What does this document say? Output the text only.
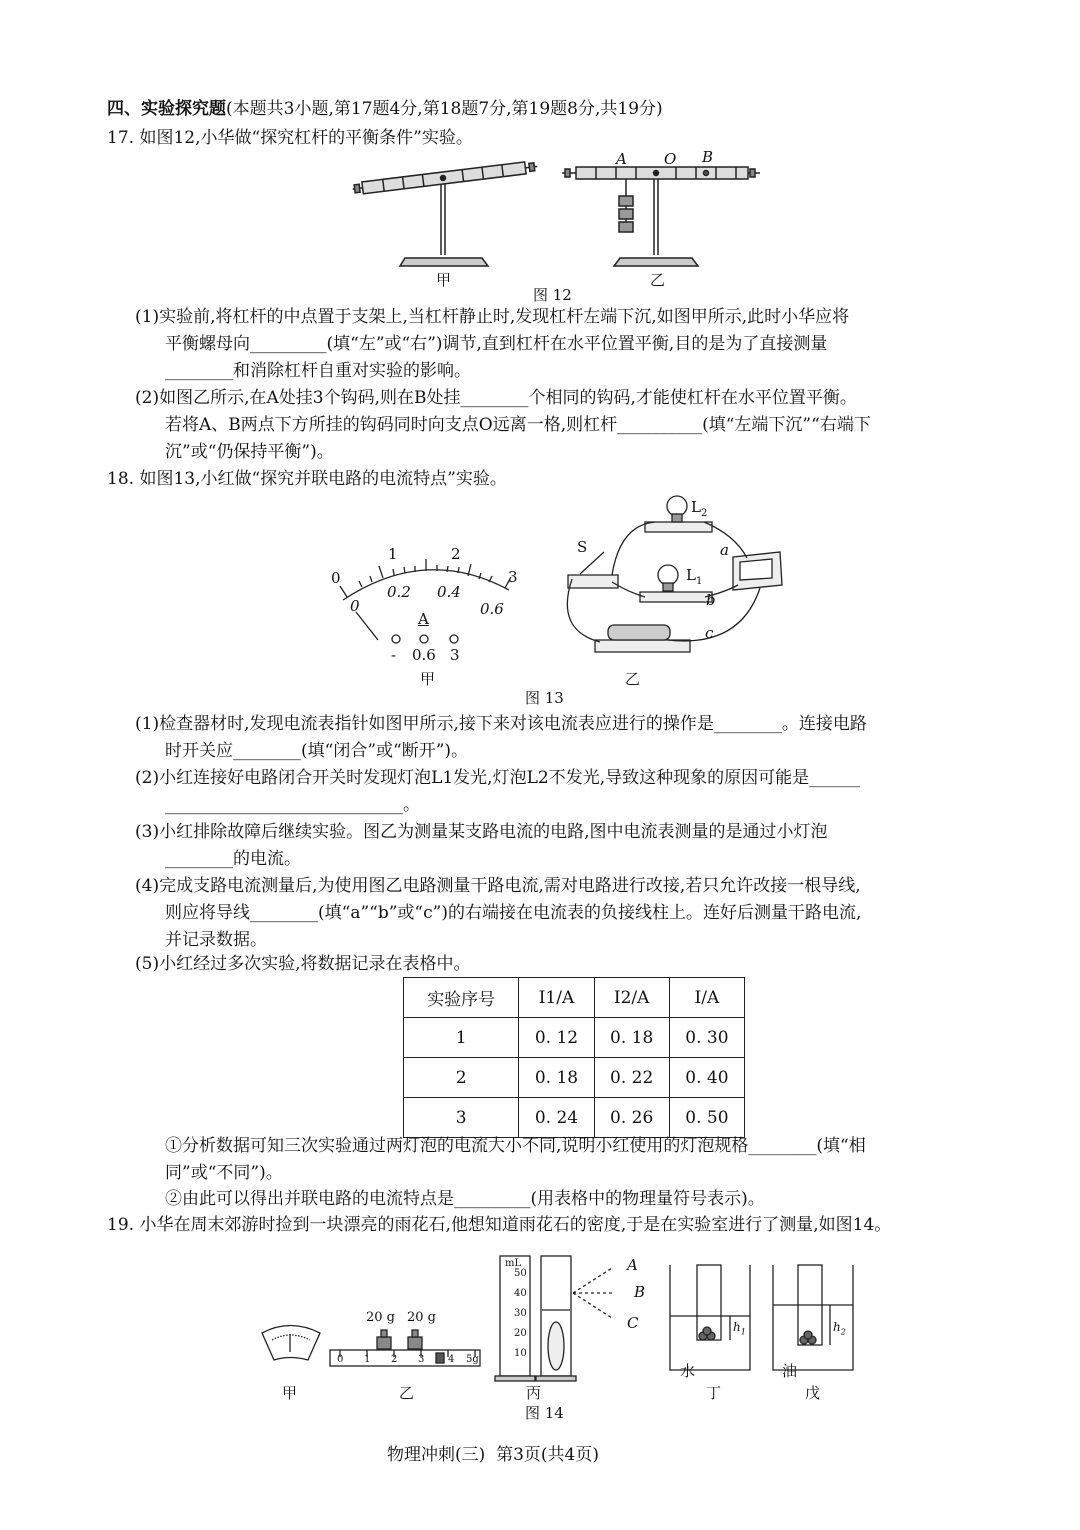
四、实验探究题(本题共3小题,第17题4分,第18题7分,第19题8分,共19分)
17. 如图12,小华做“探究杠杆的平衡条件”实验。
A O B
甲	乙
图 12
(1)实验前,将杠杆的中点置于支架上,当杠杆静止时,发现杠杆左端下沉,如图甲所示,此时小华应将
平衡螺母向_________(填“左”或“右”)调节,直到杠杆在水平位置平衡,目的是为了直接测量
________和消除杠杆自重对实验的影响。
(2)如图乙所示,在A处挂3个钩码,则在B处挂________个相同的钩码,才能使杠杆在水平位置平衡。
若将A、B两点下方所挂的钩码同时向支点O远离一格,则杠杆__________(填“左端下沉”“右端下
沉”或“仍保持平衡”)。
18. 如图13,小红做“探究并联电路的电流特点”实验。
0
1	2
3
0
0.2 0.4
0.6
A
- 0.6 3
甲
$L_2$
$L_1$
S	a
b
c
乙
图 13
(1)检查器材时,发现电流表指针如图甲所示,接下来对该电流表应进行的操作是________。连接电路
时开关应________(填“闭合”或“断开”)。
(2)小红连接好电路闭合开关时发现灯泡L1发光,灯泡L2不发光,导致这种现象的原因可能是______
____________________________。
(3)小红排除故障后继续实验。图乙为测量某支路电流的电路,图中电流表测量的是通过小灯泡
________的电流。
(4)完成支路电流测量后,为使用图乙电路测量干路电流,需对电路进行改接,若只允许改接一根导线,
则应将导线________(填“a”“b”或“c”)的右端接在电流表的负接线柱上。连好后测量干路电流,
并记录数据。
(5)小红经过多次实验,将数据记录在表格中。
实验序号	I1/A	I2/A	I/A
1	0. 12	0. 18	0. 30
2	0. 18	0. 22	0. 40
3	0. 24	0. 26	0. 50
①分析数据可知三次实验通过两灯泡的电流大小不同,说明小红使用的灯泡规格________(填“相
同”或“不同”)。
②由此可以得出并联电路的电流特点是_________(用表格中的物理量符号表示)。
19. 小华在周末郊游时捡到一块漂亮的雨花石,他想知道雨花石的密度,于是在实验室进行了测量,如图14。
20 g 20 g
0 1 2 3 4 5g
mL
50
40
30
20
10
A
B
C
水	油
$h_1$	$h_2$
甲	乙	丙	丁	戊
图 14
物理冲刺(三)  第3页(共4页)
